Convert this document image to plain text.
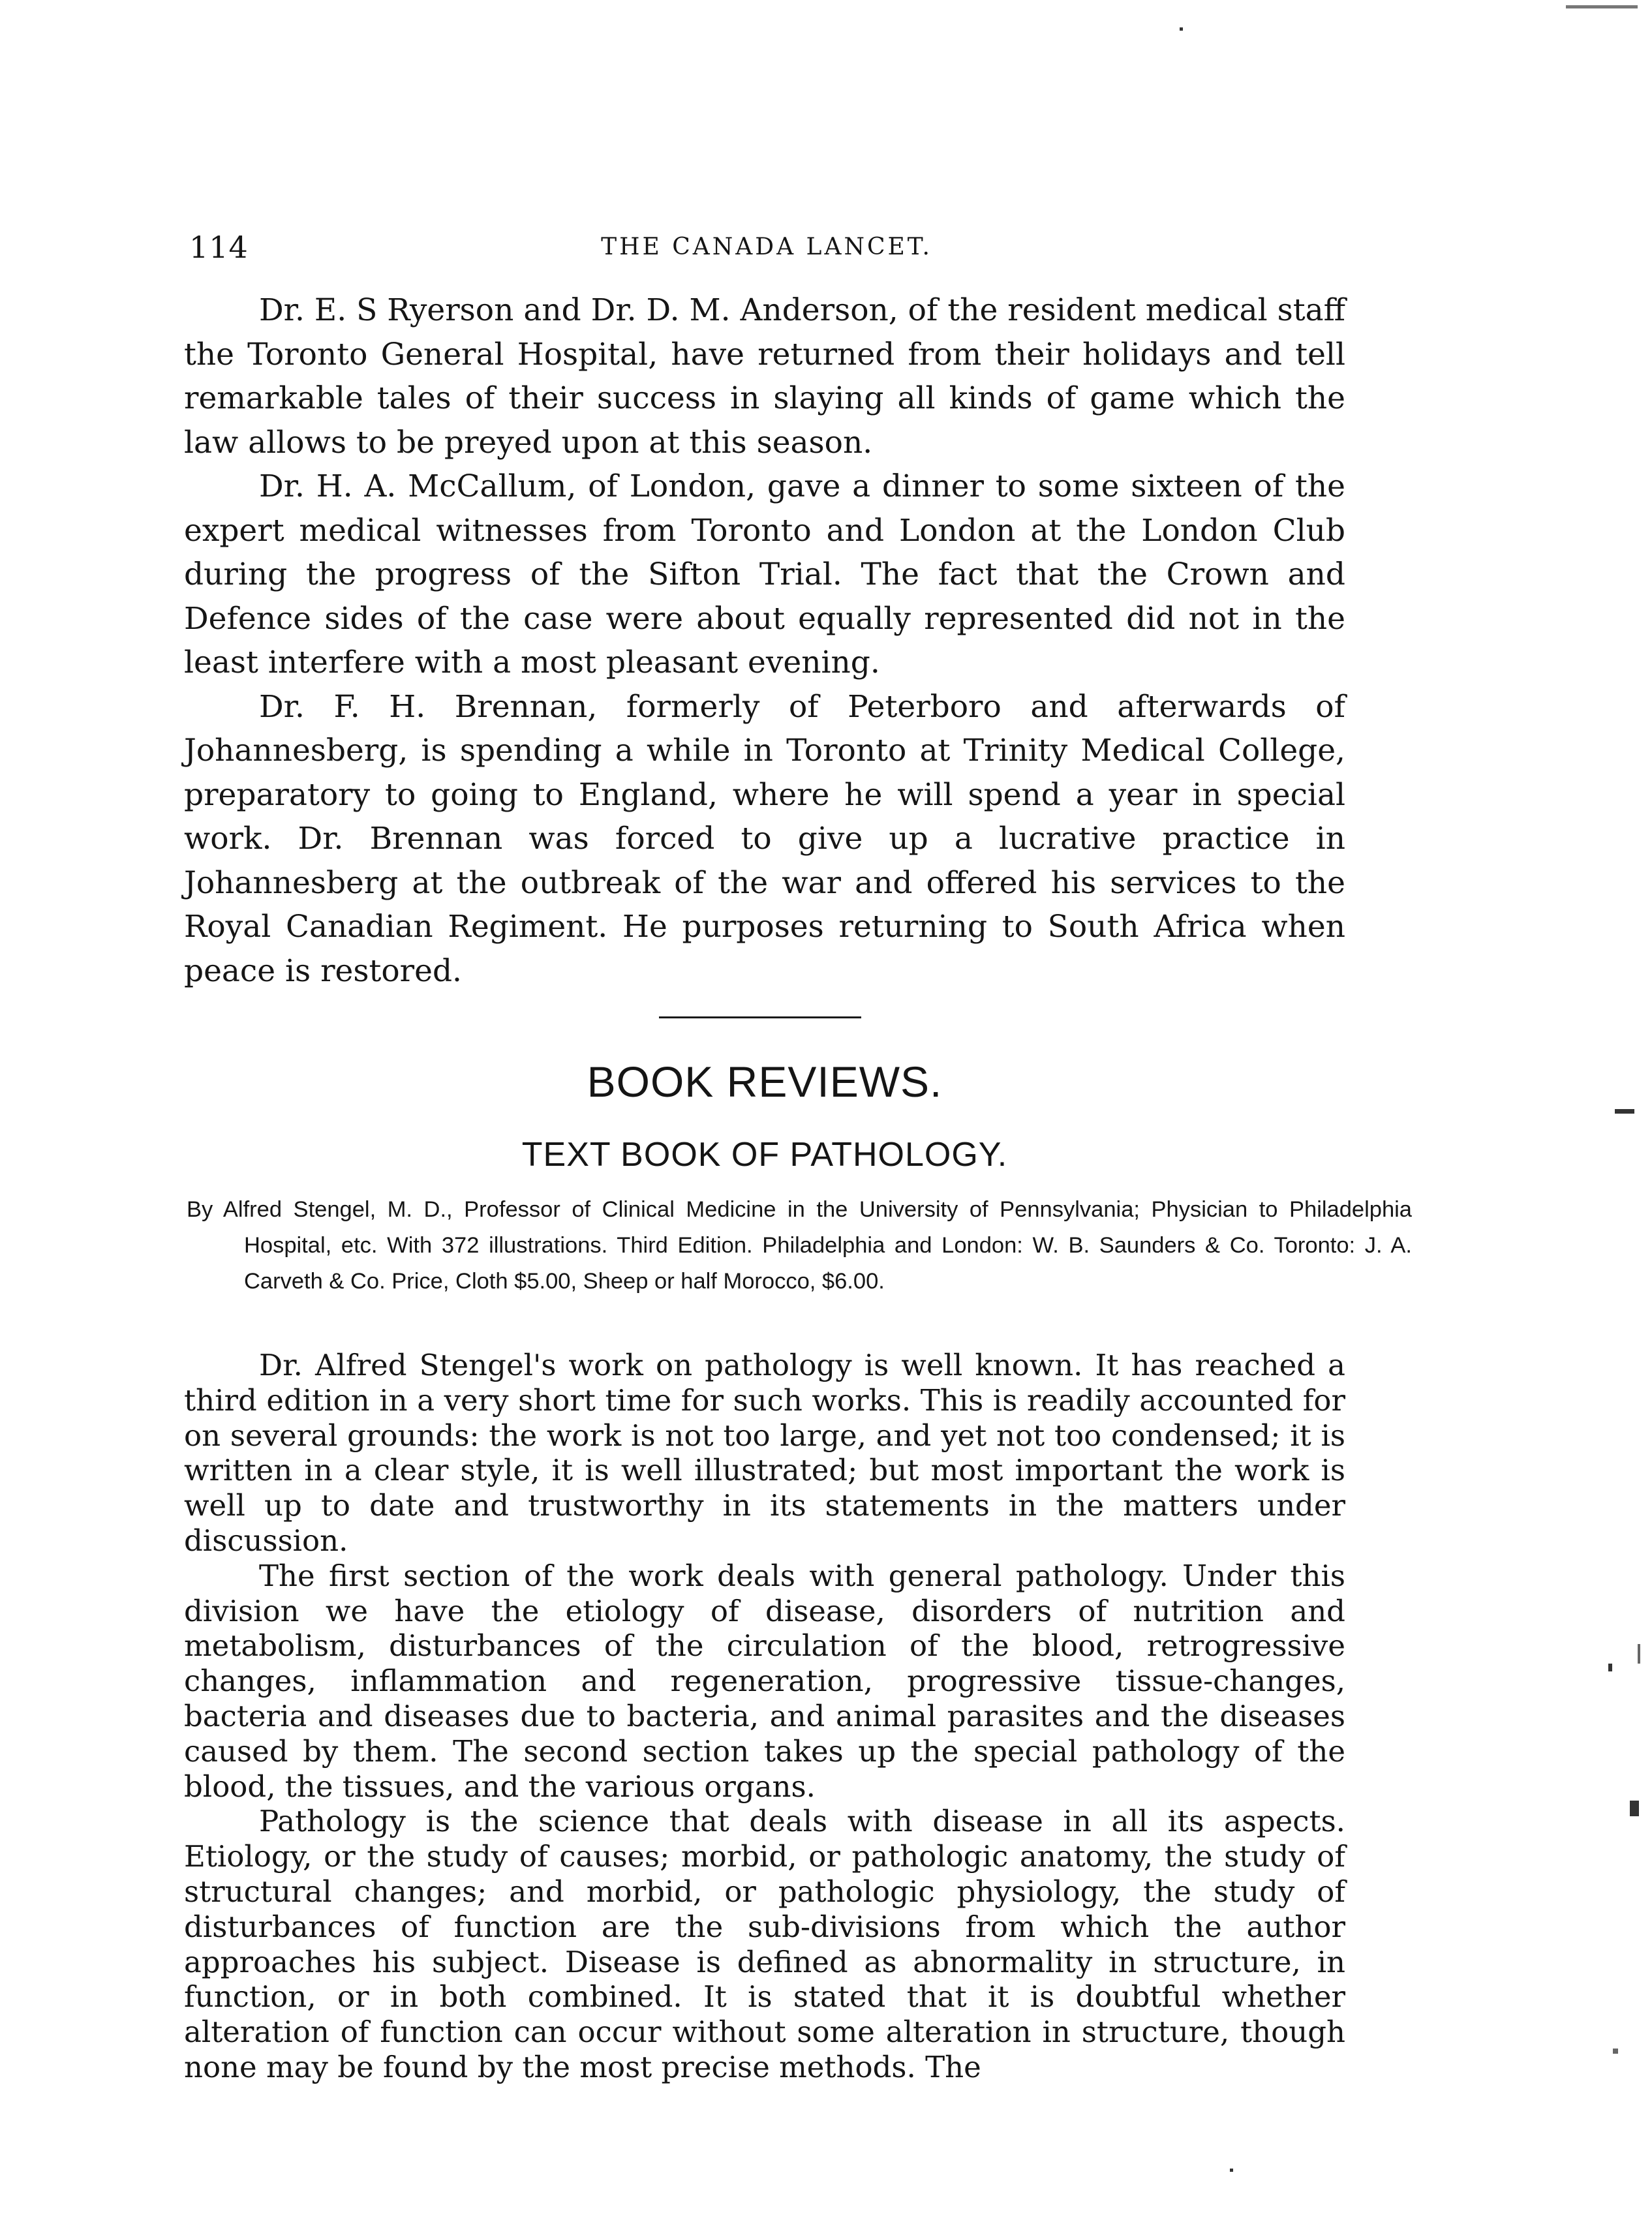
114	THE CANADA LANCET.

Dr. E. S Ryerson and Dr. D. M. Anderson, of the resident medical staff the Toronto General Hospital, have returned from their holidays and tell remarkable tales of their success in slaying all kinds of game which the law allows to be preyed upon at this season.

Dr. H. A. McCallum, of London, gave a dinner to some sixteen of the expert medical witnesses from Toronto and London at the London Club during the progress of the Sifton Trial. The fact that the Crown and Defence sides of the case were about equally represented did not in the least interfere with a most pleasant evening.

Dr. F. H. Brennan, formerly of Peterboro and afterwards of Johannesberg, is spending a while in Toronto at Trinity Medical College, preparatory to going to England, where he will spend a year in special work. Dr. Brennan was forced to give up a lucrative practice in Johannesberg at the outbreak of the war and offered his services to the Royal Canadian Regiment. He purposes returning to South Africa when peace is restored.

BOOK REVIEWS.
TEXT BOOK OF PATHOLOGY.
By Alfred Stengel, M. D., Professor of Clinical Medicine in the University of Pennsylvania; Physician to Philadelphia Hospital, etc. With 372 illustrations. Third Edition. Philadelphia and London: W. B. Saunders & Co. Toronto: J. A. Carveth & Co. Price, Cloth $5.00, Sheep or half Morocco, $6.00.

Dr. Alfred Stengel's work on pathology is well known. It has reached a third edition in a very short time for such works. This is readily accounted for on several grounds: the work is not too large, and yet not too condensed; it is written in a clear style, it is well illustrated; but most important the work is well up to date and trustworthy in its statements in the matters under discussion.

The first section of the work deals with general pathology. Under this division we have the etiology of disease, disorders of nutrition and metabolism, disturbances of the circulation of the blood, retrogressive changes, inflammation and regeneration, progressive tissue-changes, bacteria and diseases due to bacteria, and animal parasites and the diseases caused by them. The second section takes up the special pathology of the blood, the tissues, and the various organs.

Pathology is the science that deals with disease in all its aspects. Etiology, or the study of causes; morbid, or pathologic anatomy, the study of structural changes; and morbid, or pathologic physiology, the study of disturbances of function are the sub-divisions from which the author approaches his subject. Disease is defined as abnormality in structure, in function, or in both combined. It is stated that it is doubtful whether alteration of function can occur without some alteration in structure, though none may be found by the most precise methods. The
